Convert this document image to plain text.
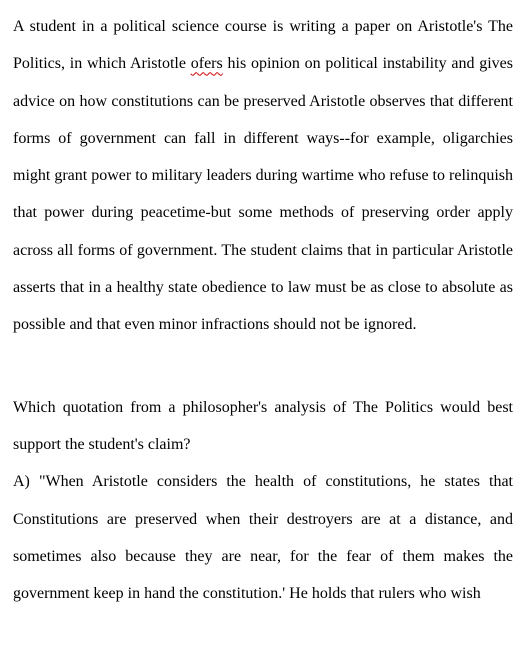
A student in a political science course is writing a paper on Aristotle's The Politics, in which Aristotle ofers his opinion on political instability and gives advice on how constitutions can be preserved Aristotle observes that different forms of government can fall in different ways--for example, oligarchies might grant power to military leaders during wartime who refuse to relinquish that power during peacetime-but some methods of preserving order apply across all forms of government. The student claims that in particular Aristotle asserts that in a healthy state obedience to law must be as close to absolute as possible and that even minor infractions should not be ignored.

Which quotation from a philosopher's analysis of The Politics would best support the student's claim?

A) "When Aristotle considers the health of constitutions, he states that Constitutions are preserved when their destroyers are at a distance, and sometimes also because they are near, for the fear of them makes the government keep in hand the constitution.' He holds that rulers who wish
